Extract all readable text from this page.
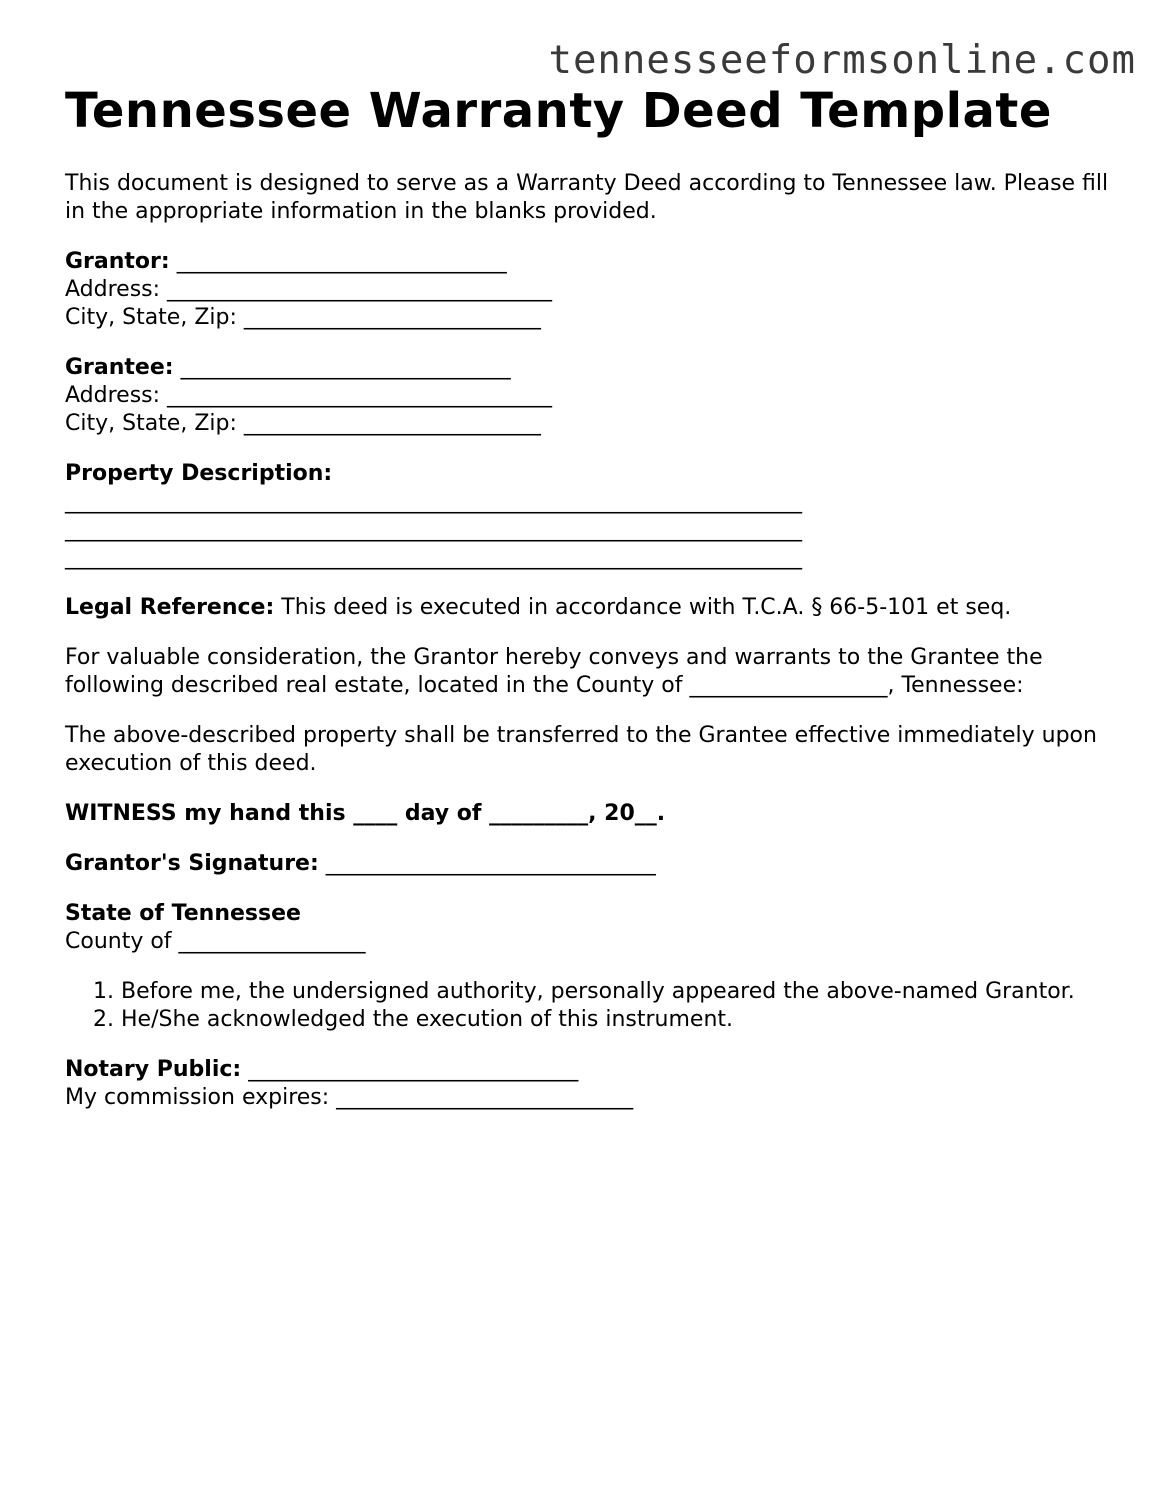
tennesseeformsonline.com
Tennessee Warranty Deed Template

This document is designed to serve as a Warranty Deed according to Tennessee law. Please fill in the appropriate information in the blanks provided.

Grantor: ______________________________
Address: ___________________________________
City, State, Zip: ___________________________
Grantee: ______________________________
Address: ___________________________________
City, State, Zip: ___________________________
Property Description:
___________________________________________________________________
___________________________________________________________________
___________________________________________________________________

Legal Reference: This deed is executed in accordance with T.C.A. § 66-5-101 et seq.

For valuable consideration, the Grantor hereby conveys and warrants to the Grantee the following described real estate, located in the County of __________________, Tennessee:

The above-described property shall be transferred to the Grantee effective immediately upon execution of this deed.

WITNESS my hand this ____ day of _________, 20__.

Grantor's Signature: ______________________________

State of Tennessee
County of _________________
1. Before me, the undersigned authority, personally appeared the above-named Grantor.
2. He/She acknowledged the execution of this instrument.
Notary Public: ______________________________
My commission expires: ___________________________
